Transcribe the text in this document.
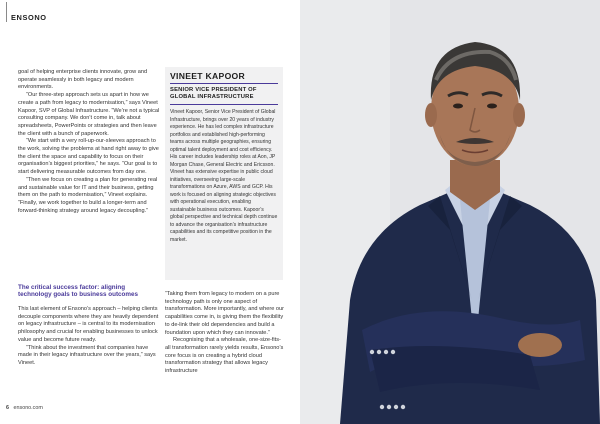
ENSONO

goal of helping enterprise clients innovate, grow and operate seamlessly in both legacy and modern environments.

“Our three-step approach sets us apart in how we create a path from legacy to modernisation,” says Vineet Kapoor, SVP of Global Infrastructure. “We’re not a typical consulting company. We don’t come in, talk about spreadsheets, PowerPoints or strategies and then leave the client with a bunch of paperwork.

“We start with a very roll-up-our-sleeves approach to the work, solving the problems at hand right away to give the client the space and capability to focus on their organisation’s biggest priorities,” he says. “Our goal is to start delivering measurable outcomes from day one.

“Then we focus on creating a plan for generating real and sustainable value for IT and their business, getting them on the path to modernisation,” Vineet explains. “Finally, we work together to build a longer-term and forward-thinking strategy around legacy decoupling.”

The critical success factor: aligning technology goals to business outcomes

This last element of Ensono’s approach – helping clients decouple components where they are heavily dependent on legacy infrastructure – is central to its modernisation philosophy and crucial for enabling businesses to unlock value and become future ready.

“Think about the investment that companies have made in their legacy infrastructure over the years,” says Vineet.

VINEET KAPOOR
SENIOR VICE PRESIDENT OF GLOBAL INFRASTRUCTURE
Vineet Kapoor, Senior Vice President of Global Infrastructure, brings over 20 years of industry experience. He has led complex infrastructure portfolios and established high-performing teams across multiple geographies, ensuring optimal talent deployment and cost efficiency. His career includes leadership roles at Aon, JP Morgan Chase, General Electric and Ericsson. Vineet has extensive expertise in public cloud initiatives, overseeing large-scale transformations on Azure, AWS and GCP. His work is focused on aligning strategic objectives with operational execution, enabling sustainable business outcomes. Kapoor’s global perspective and technical depth continue to advance the organisation’s infrastructure capabilities and its competitive position in the market.

“Taking them from legacy to modern on a pure technology path is only one aspect of transformation. More importantly, and where our capabilities come in, is giving them the flexibility to de-link their old dependencies and build a foundation upon which they can innovate.”

Recognising that a wholesale, one-size-fits-all transformation rarely yields results, Ensono’s core focus is on creating a hybrid cloud transformation strategy that allows legacy infrastructure

6 ensono.com
